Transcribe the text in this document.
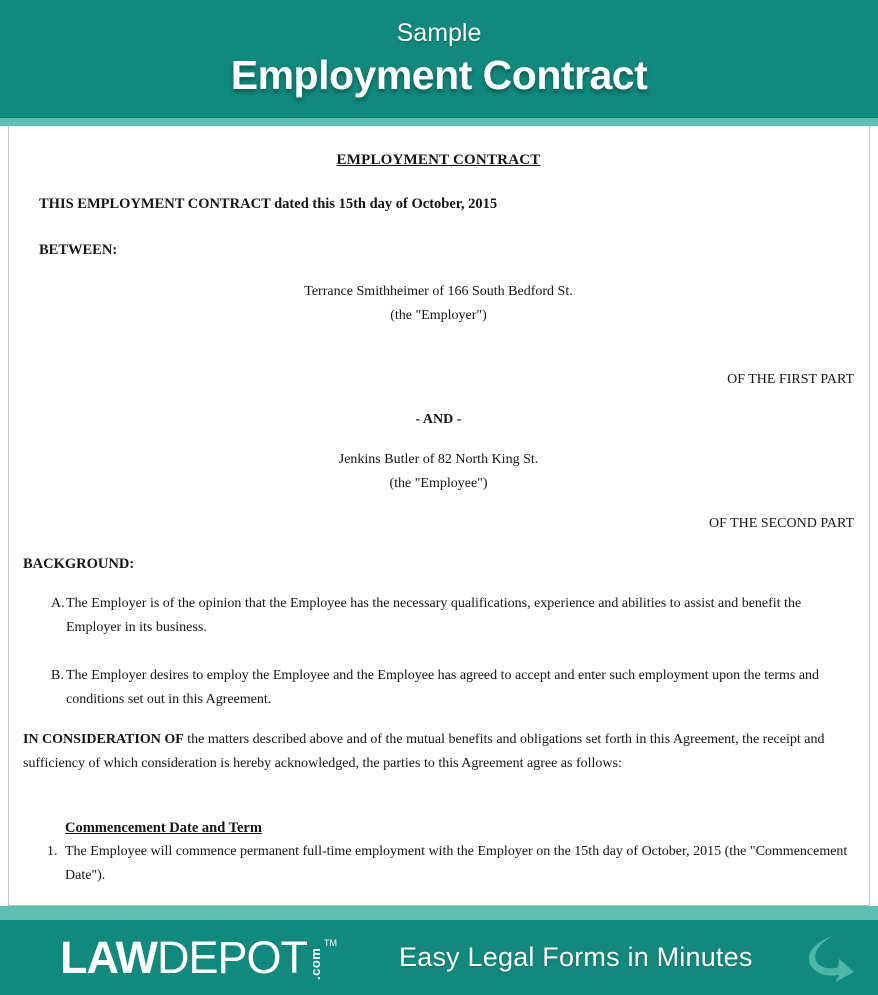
Sample
Employment Contract
EMPLOYMENT CONTRACT
THIS EMPLOYMENT CONTRACT dated this 15th day of October, 2015
BETWEEN:
Terrance Smithheimer of 166 South Bedford St.
(the "Employer")
OF THE FIRST PART
- AND -
Jenkins Butler of 82 North King St.
(the "Employee")
OF THE SECOND PART
BACKGROUND:
A. The Employer is of the opinion that the Employee has the necessary qualifications, experience and abilities to assist and benefit the Employer in its business.
B. The Employer desires to employ the Employee and the Employee has agreed to accept and enter such employment upon the terms and conditions set out in this Agreement.
IN CONSIDERATION OF the matters described above and of the mutual benefits and obligations set forth in this Agreement, the receipt and sufficiency of which consideration is hereby acknowledged, the parties to this Agreement agree as follows:
Commencement Date and Term
1. The Employee will commence permanent full-time employment with the Employer on the 15th day of October, 2015 (the "Commencement Date").
LAW DEPOT .com
TM Easy Legal Forms in Minutes
